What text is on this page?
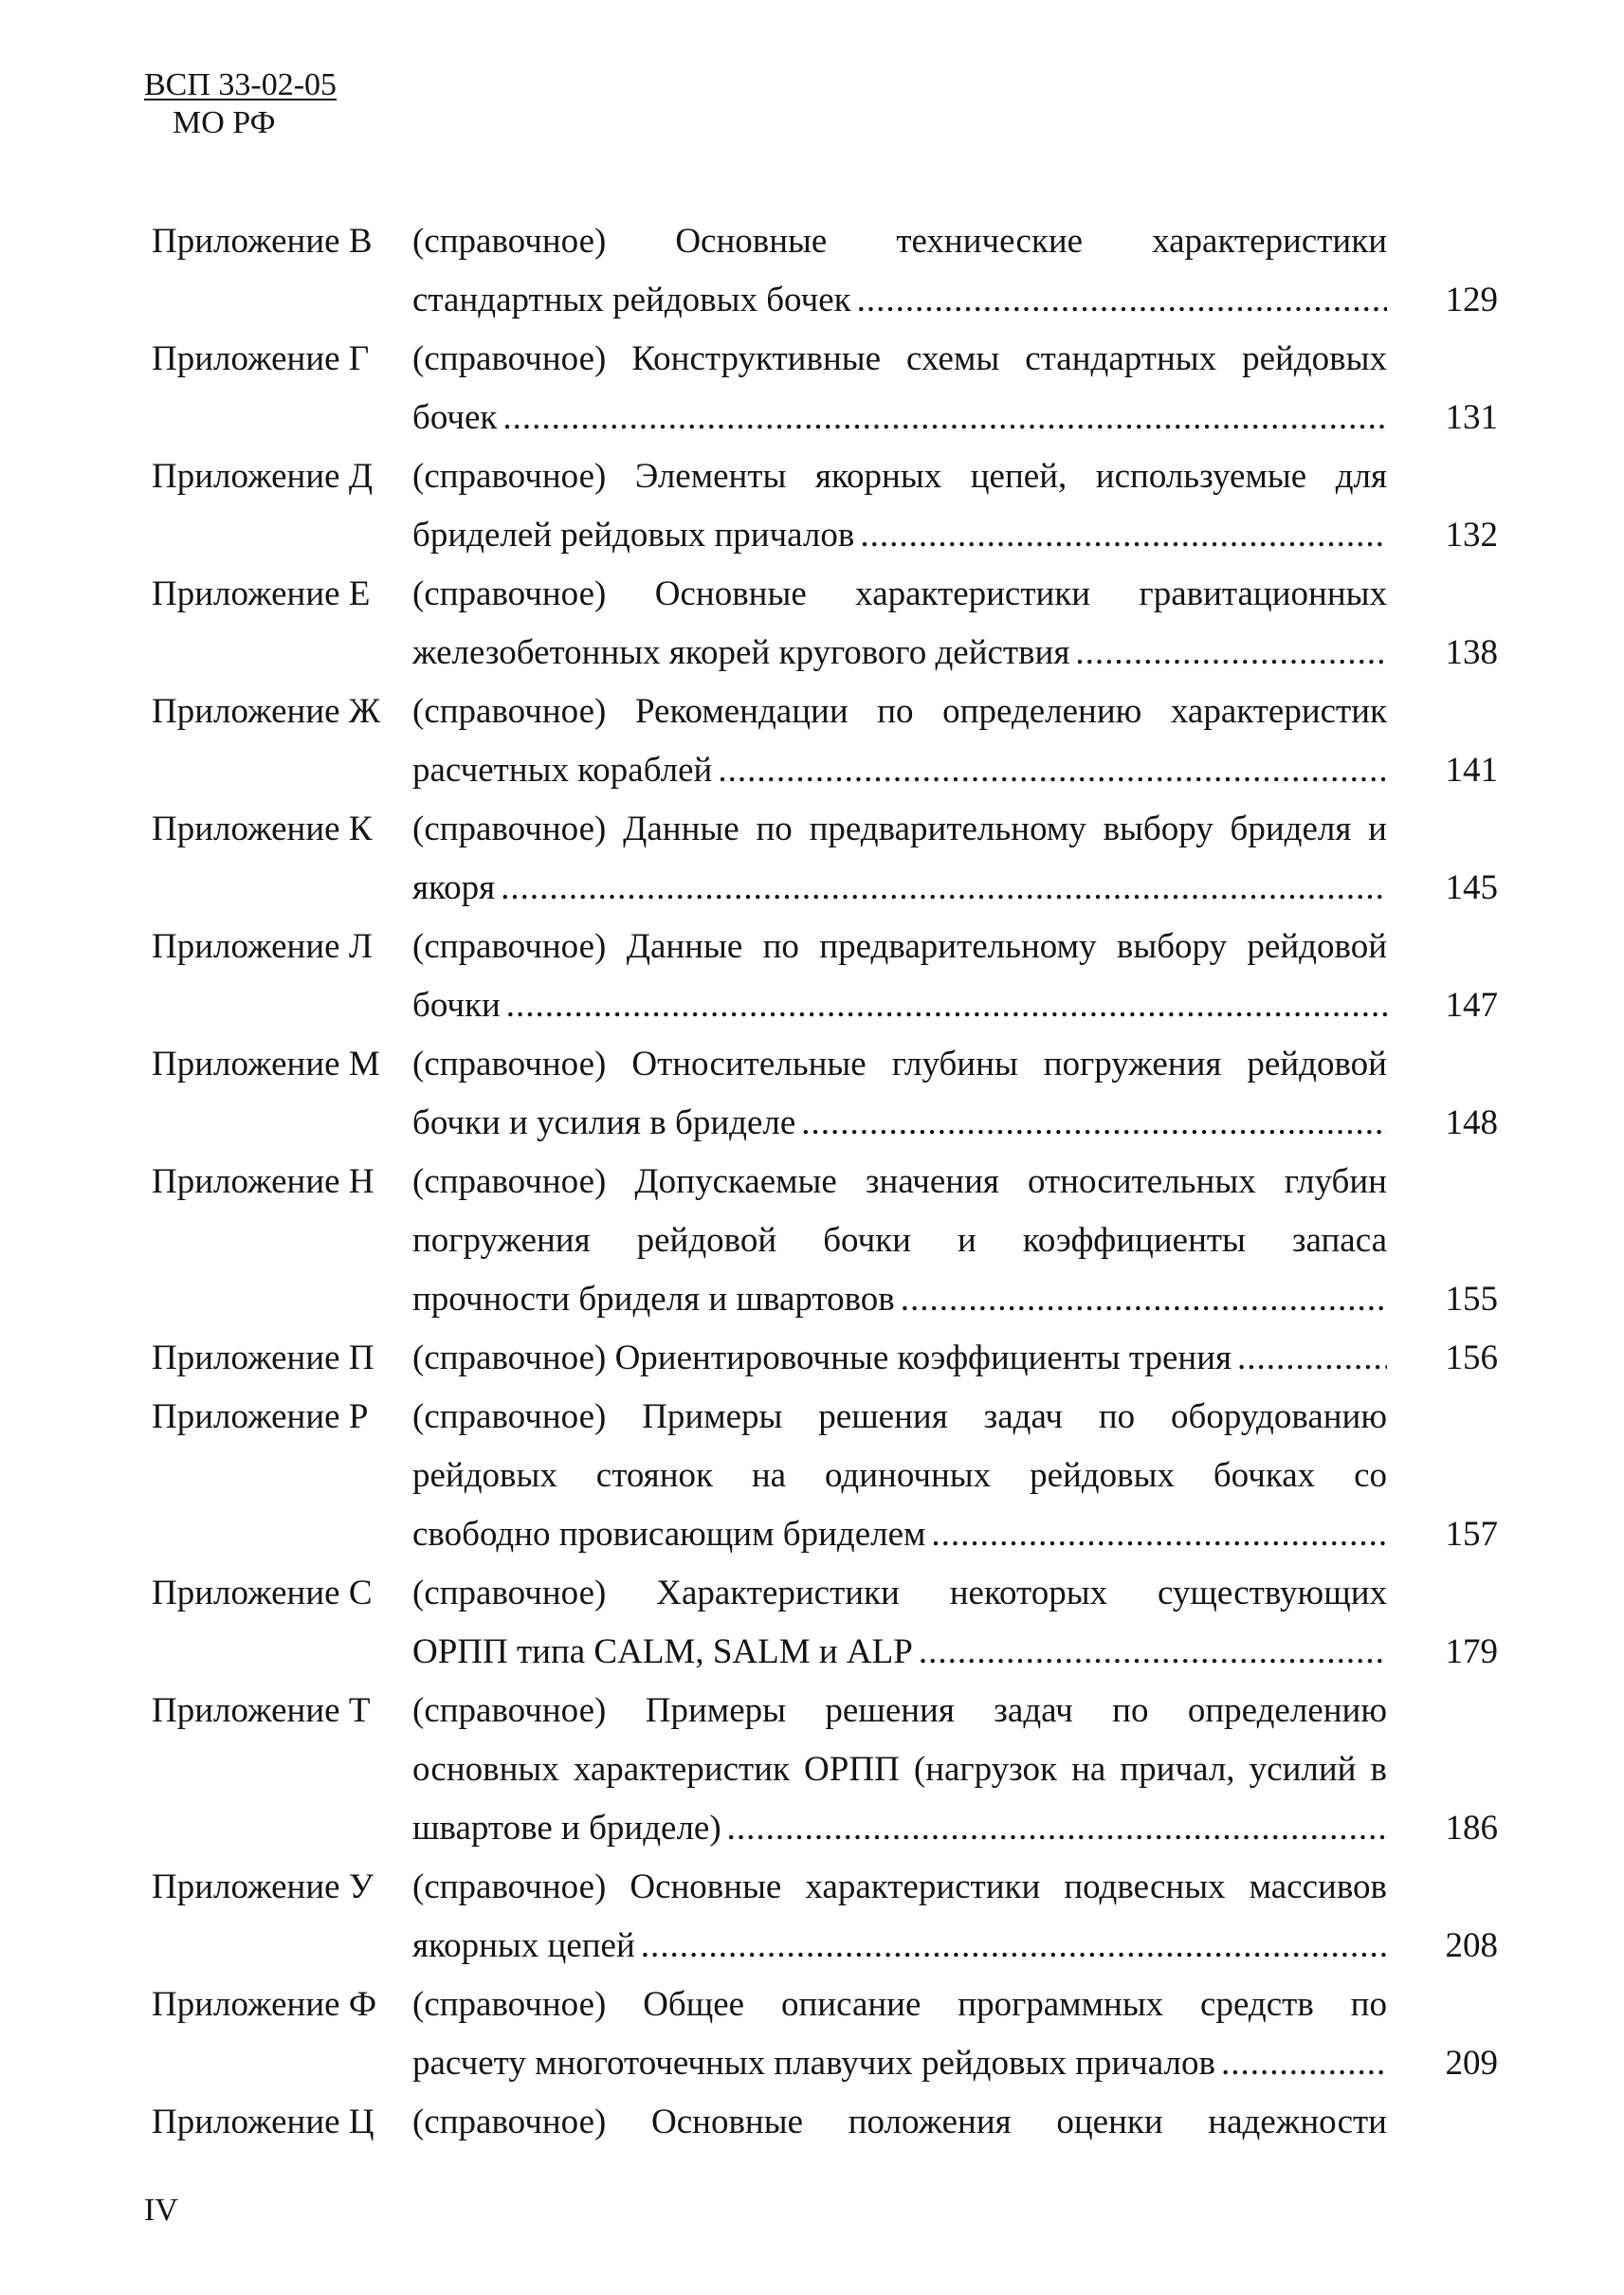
ВСП 33-02-05
МО РФ
Приложение В	(справочное) Основные технические характеристики
стандартных рейдовых бочек .....	129
Приложение Г	(справочное) Конструктивные схемы стандартных рейдовых
бочек .....	131
Приложение Д	(справочное) Элементы якорных цепей, используемые для
бриделей рейдовых причалов .....	132
Приложение Е	(справочное) Основные характеристики гравитационных
железобетонных якорей кругового действия .....	138
Приложение Ж (справочное) Рекомендации по определению характеристик
расчетных кораблей .....	141
Приложение К	(справочное) Данные по предварительному выбору бриделя и
якоря .....	145
Приложение Л	(справочное) Данные по предварительному выбору рейдовой
бочки .....	147
Приложение М (справочное) Относительные глубины погружения рейдовой
бочки и усилия в бриделе .....	148
Приложение Н	(справочное) Допускаемые значения относительных глубин
погружения рейдовой бочки и коэффициенты запаса
прочности бриделя и швартовов .....	155
Приложение П	(справочное) Ориентировочные коэффициенты трения .....	156
Приложение Р	(справочное) Примеры решения задач по оборудованию
рейдовых стоянок на одиночных рейдовых бочках со
свободно провисающим бриделем .....	157
Приложение С	(справочное) Характеристики некоторых существующих
ОРПП типа CALM, SALM и ALP .....	179
Приложение Т	(справочное) Примеры решения задач по определению
основных характеристик ОРПП (нагрузок на причал, усилий в
швартове и бриделе) .....	186
Приложение У	(справочное) Основные характеристики подвесных массивов
якорных цепей .....	208
Приложение Ф	(справочное) Общее описание программных средств по
расчету многоточечных плавучих рейдовых причалов .....	209
Приложение Ц	(справочное) Основные положения оценки надежности
IV
